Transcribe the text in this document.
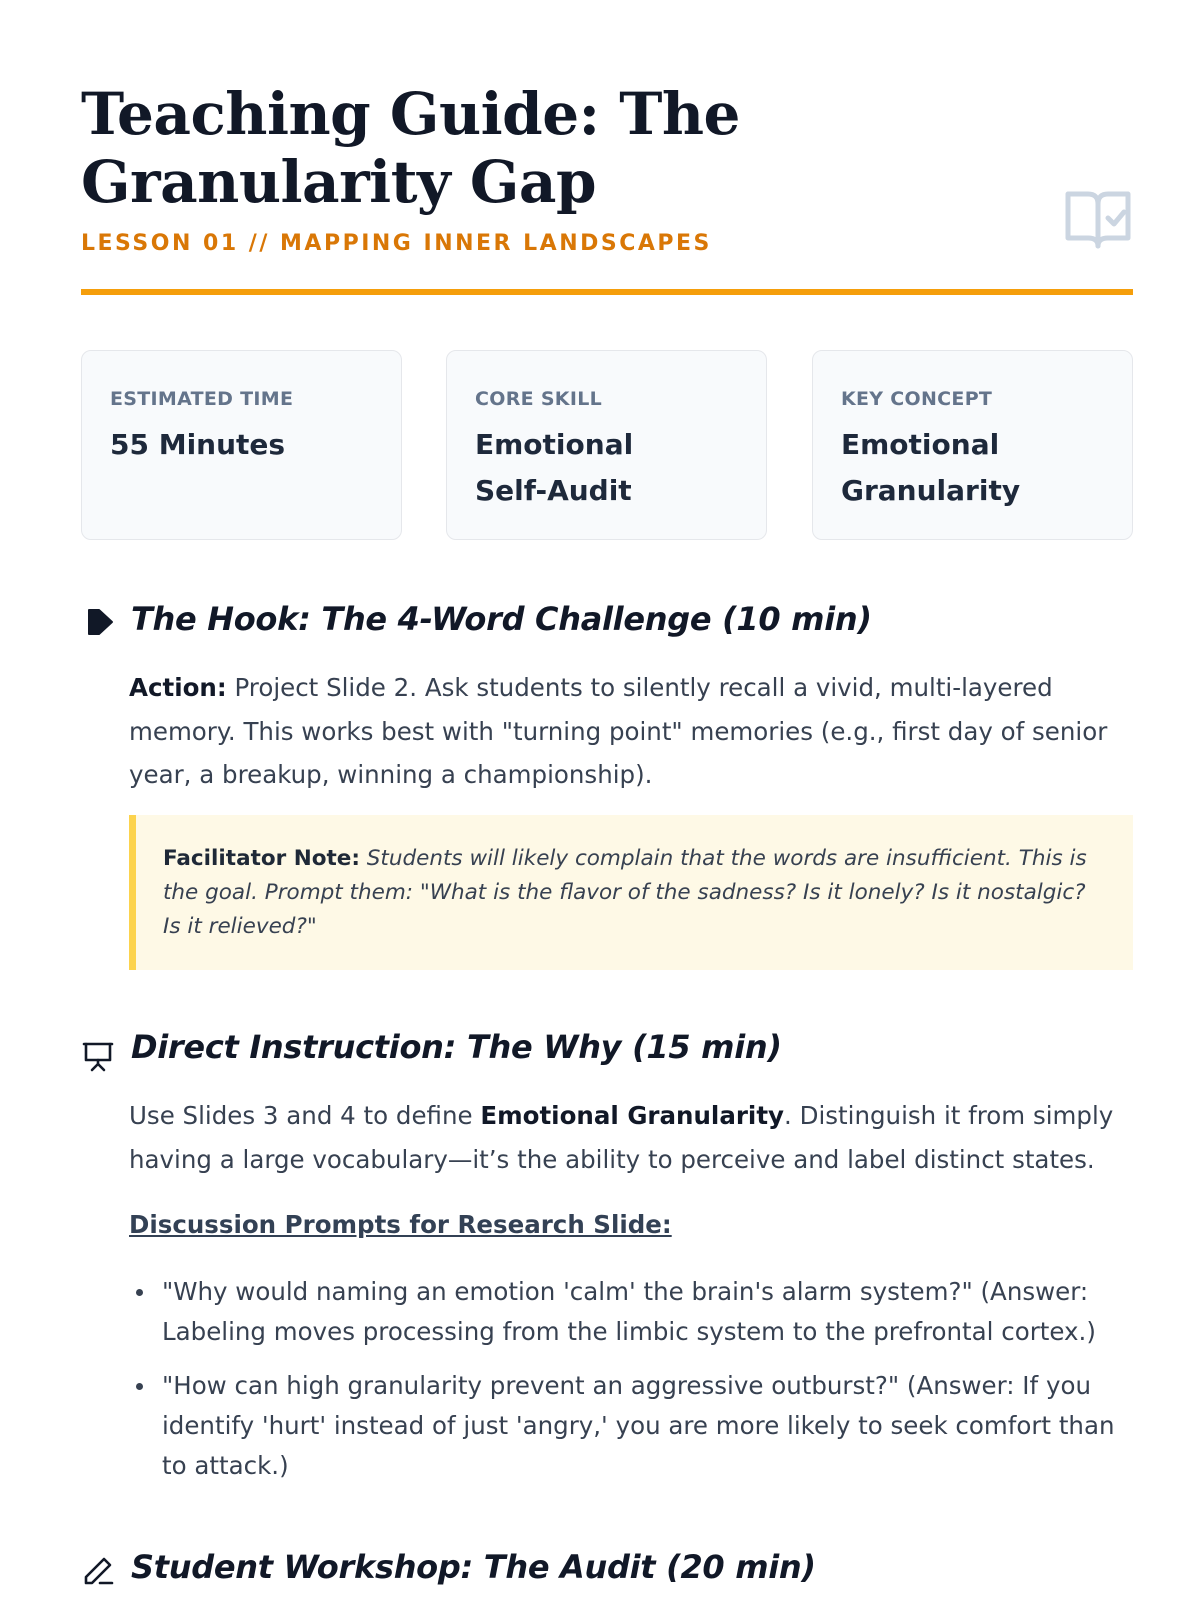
Teaching Guide: The Granularity Gap
LESSON 01 // MAPPING INNER LANDSCAPES
ESTIMATED TIME
55 Minutes
CORE SKILL
Emotional Self-Audit
KEY CONCEPT
Emotional Granularity
The Hook: The 4-Word Challenge (10 min)

Action: Project Slide 2. Ask students to silently recall a vivid, multi-layered memory. This works best with "turning point" memories (e.g., first day of senior year, a breakup, winning a championship).

Facilitator Note: Students will likely complain that the words are insufficient. This is the goal. Prompt them: "What is the flavor of the sadness? Is it lonely? Is it nostalgic? Is it relieved?"
Direct Instruction: The Why (15 min)

Use Slides 3 and 4 to define Emotional Granularity. Distinguish it from simply having a large vocabulary—it’s the ability to perceive and label distinct states.

Discussion Prompts for Research Slide:
"Why would naming an emotion 'calm' the brain's alarm system?" (Answer: Labeling moves processing from the limbic system to the prefrontal cortex.)
"How can high granularity prevent an aggressive outburst?" (Answer: If you identify 'hurt' instead of just 'angry,' you are more likely to seek comfort than to attack.)
Student Workshop: The Audit (20 min)
